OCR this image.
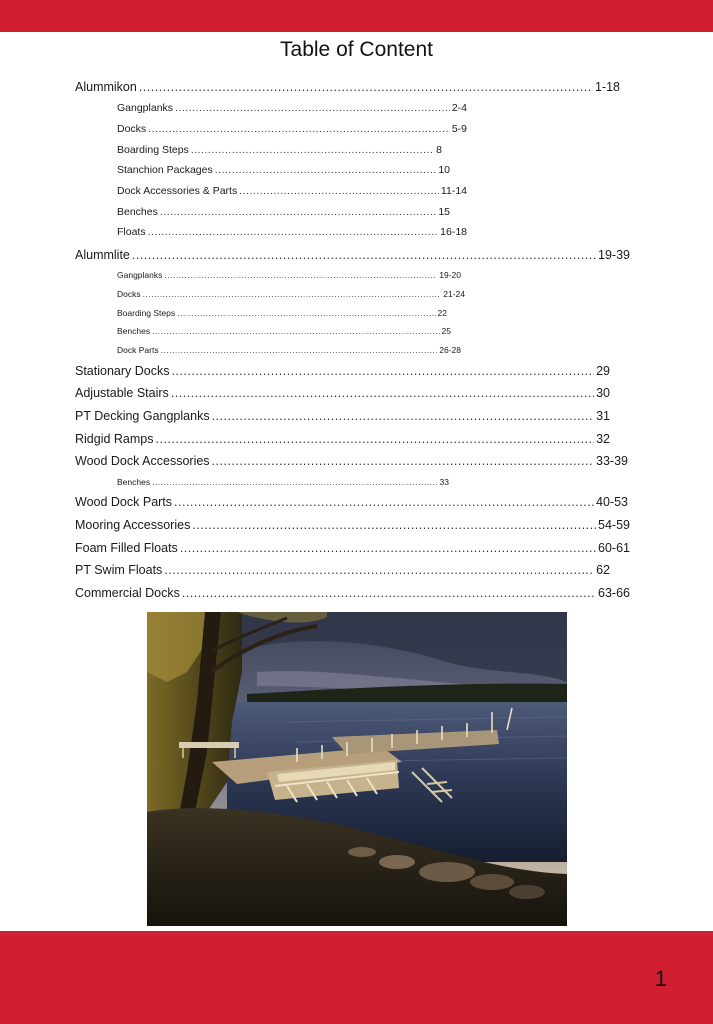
Table of Content
Alummikon .....	1-18
Gangplanks .....	2-4
Docks .....	5-9
Boarding Steps .....	8
Stanchion Packages .....	10
Dock Accessories & Parts .....	11-14
Benches .....	15
Floats .....	16-18
Alummlite .....	19-39
Gangplanks .....	19-20
Docks .....	21-24
Boarding Steps .....	22
Benches .....	25
Dock Parts .....	26-28
Stationary Docks .....	29
Adjustable Stairs .....	30
PT Decking Gangplanks .....	31
Ridgid Ramps .....	32
Wood Dock Accessories .....	33-39
Benches .....	33
Wood Dock Parts .....	40-53
Mooring Accessories .....	54-59
Foam Filled Floats .....	60-61
PT Swim Floats .....	62
Commercial Docks .....	63-66
1
